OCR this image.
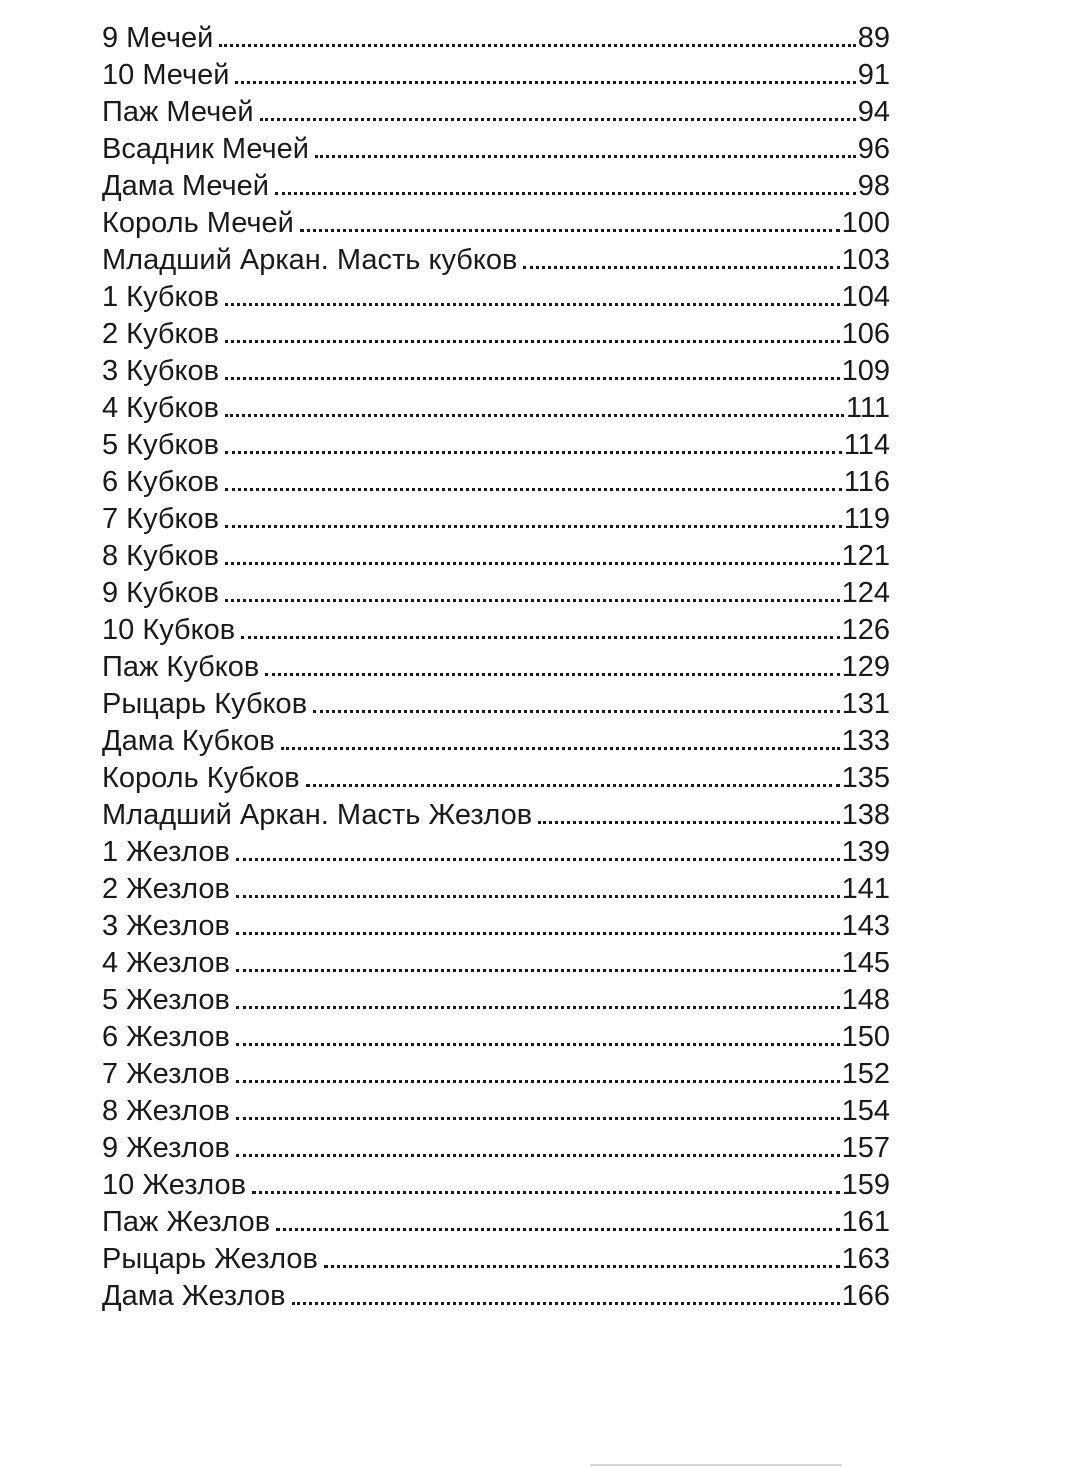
9 Мечей	89
10 Мечей	91
Паж Мечей	94
Всадник Мечей	96
Дама Мечей	98
Король Мечей	100
Младший Аркан. Масть кубков	103
1 Кубков	104
2 Кубков	106
3 Кубков	109
4 Кубков	111
5 Кубков	114
6 Кубков	116
7 Кубков	119
8 Кубков	121
9 Кубков	124
10 Кубков	126
Паж Кубков	129
Рыцарь Кубков	131
Дама Кубков	133
Король Кубков	135
Младший Аркан. Масть Жезлов	138
1 Жезлов	139
2 Жезлов	141
3 Жезлов	143
4 Жезлов	145
5 Жезлов	148
6 Жезлов	150
7 Жезлов	152
8 Жезлов	154
9 Жезлов	157
10 Жезлов	159
Паж Жезлов	161
Рыцарь Жезлов	163
Дама Жезлов	166
